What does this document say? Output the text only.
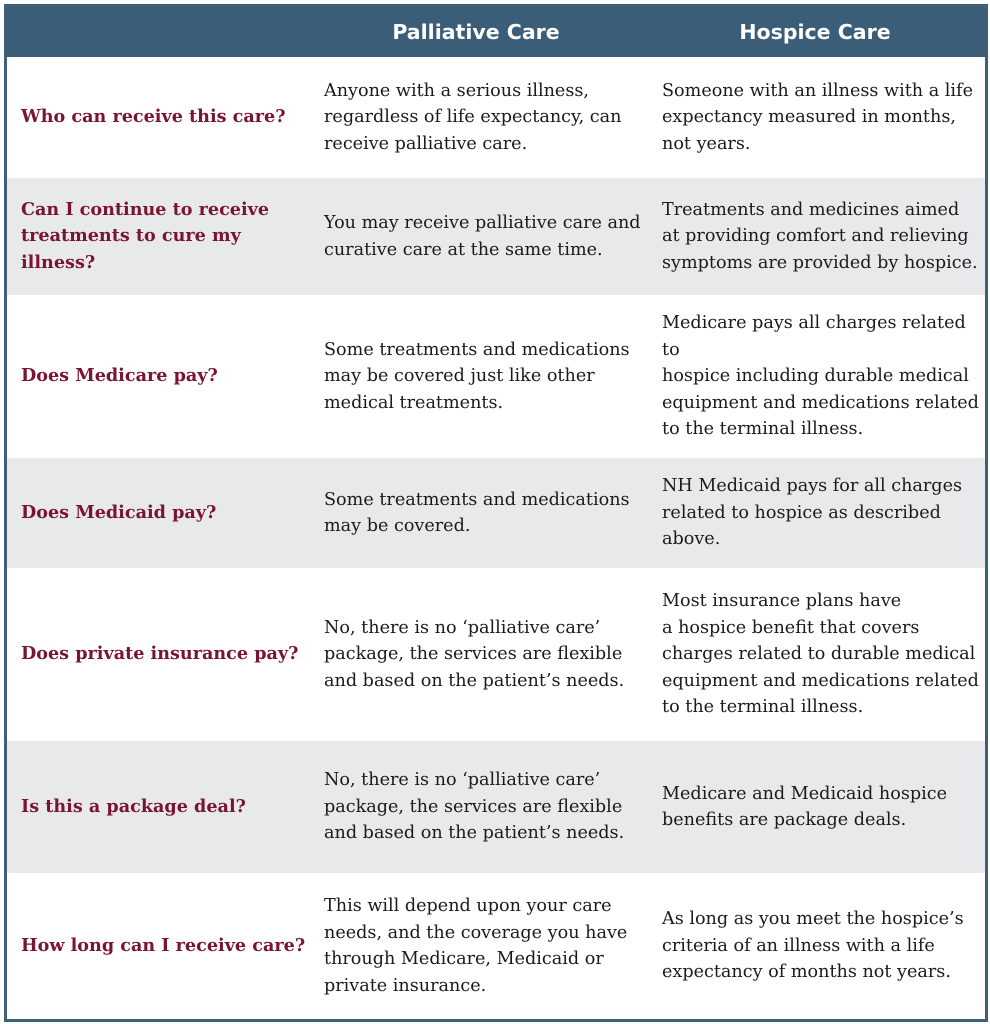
Palliative Care	Hospice Care
Who can receive this care?
Anyone with a serious illness,
regardless of life expectancy, can
receive palliative care.
Someone with an illness with a life
expectancy measured in months,
not years.
Can I continue to receive
treatments to cure my illness?
You may receive palliative care and
curative care at the same time.
Treatments and medicines aimed
at providing comfort and relieving
symptoms are provided by hospice.
Does Medicare pay?
Some treatments and medications
may be covered just like other
medical treatments.
Medicare pays all charges related to
hospice including durable medical
equipment and medications related
to the terminal illness.
Does Medicaid pay?
Some treatments and medications
may be covered.
NH Medicaid pays for all charges
related to hospice as described
above.
Does private insurance pay?
No, there is no ‘palliative care’
package, the services are flexible
and based on the patient’s needs.
Most insurance plans have
a hospice benefit that covers
charges related to durable medical
equipment and medications related
to the terminal illness.
Is this a package deal?
No, there is no ‘palliative care’
package, the services are flexible
and based on the patient’s needs.
Medicare and Medicaid hospice
benefits are package deals.
How long can I receive care?
This will depend upon your care
needs, and the coverage you have
through Medicare, Medicaid or
private insurance.
As long as you meet the hospice’s
criteria of an illness with a life
expectancy of months not years.
